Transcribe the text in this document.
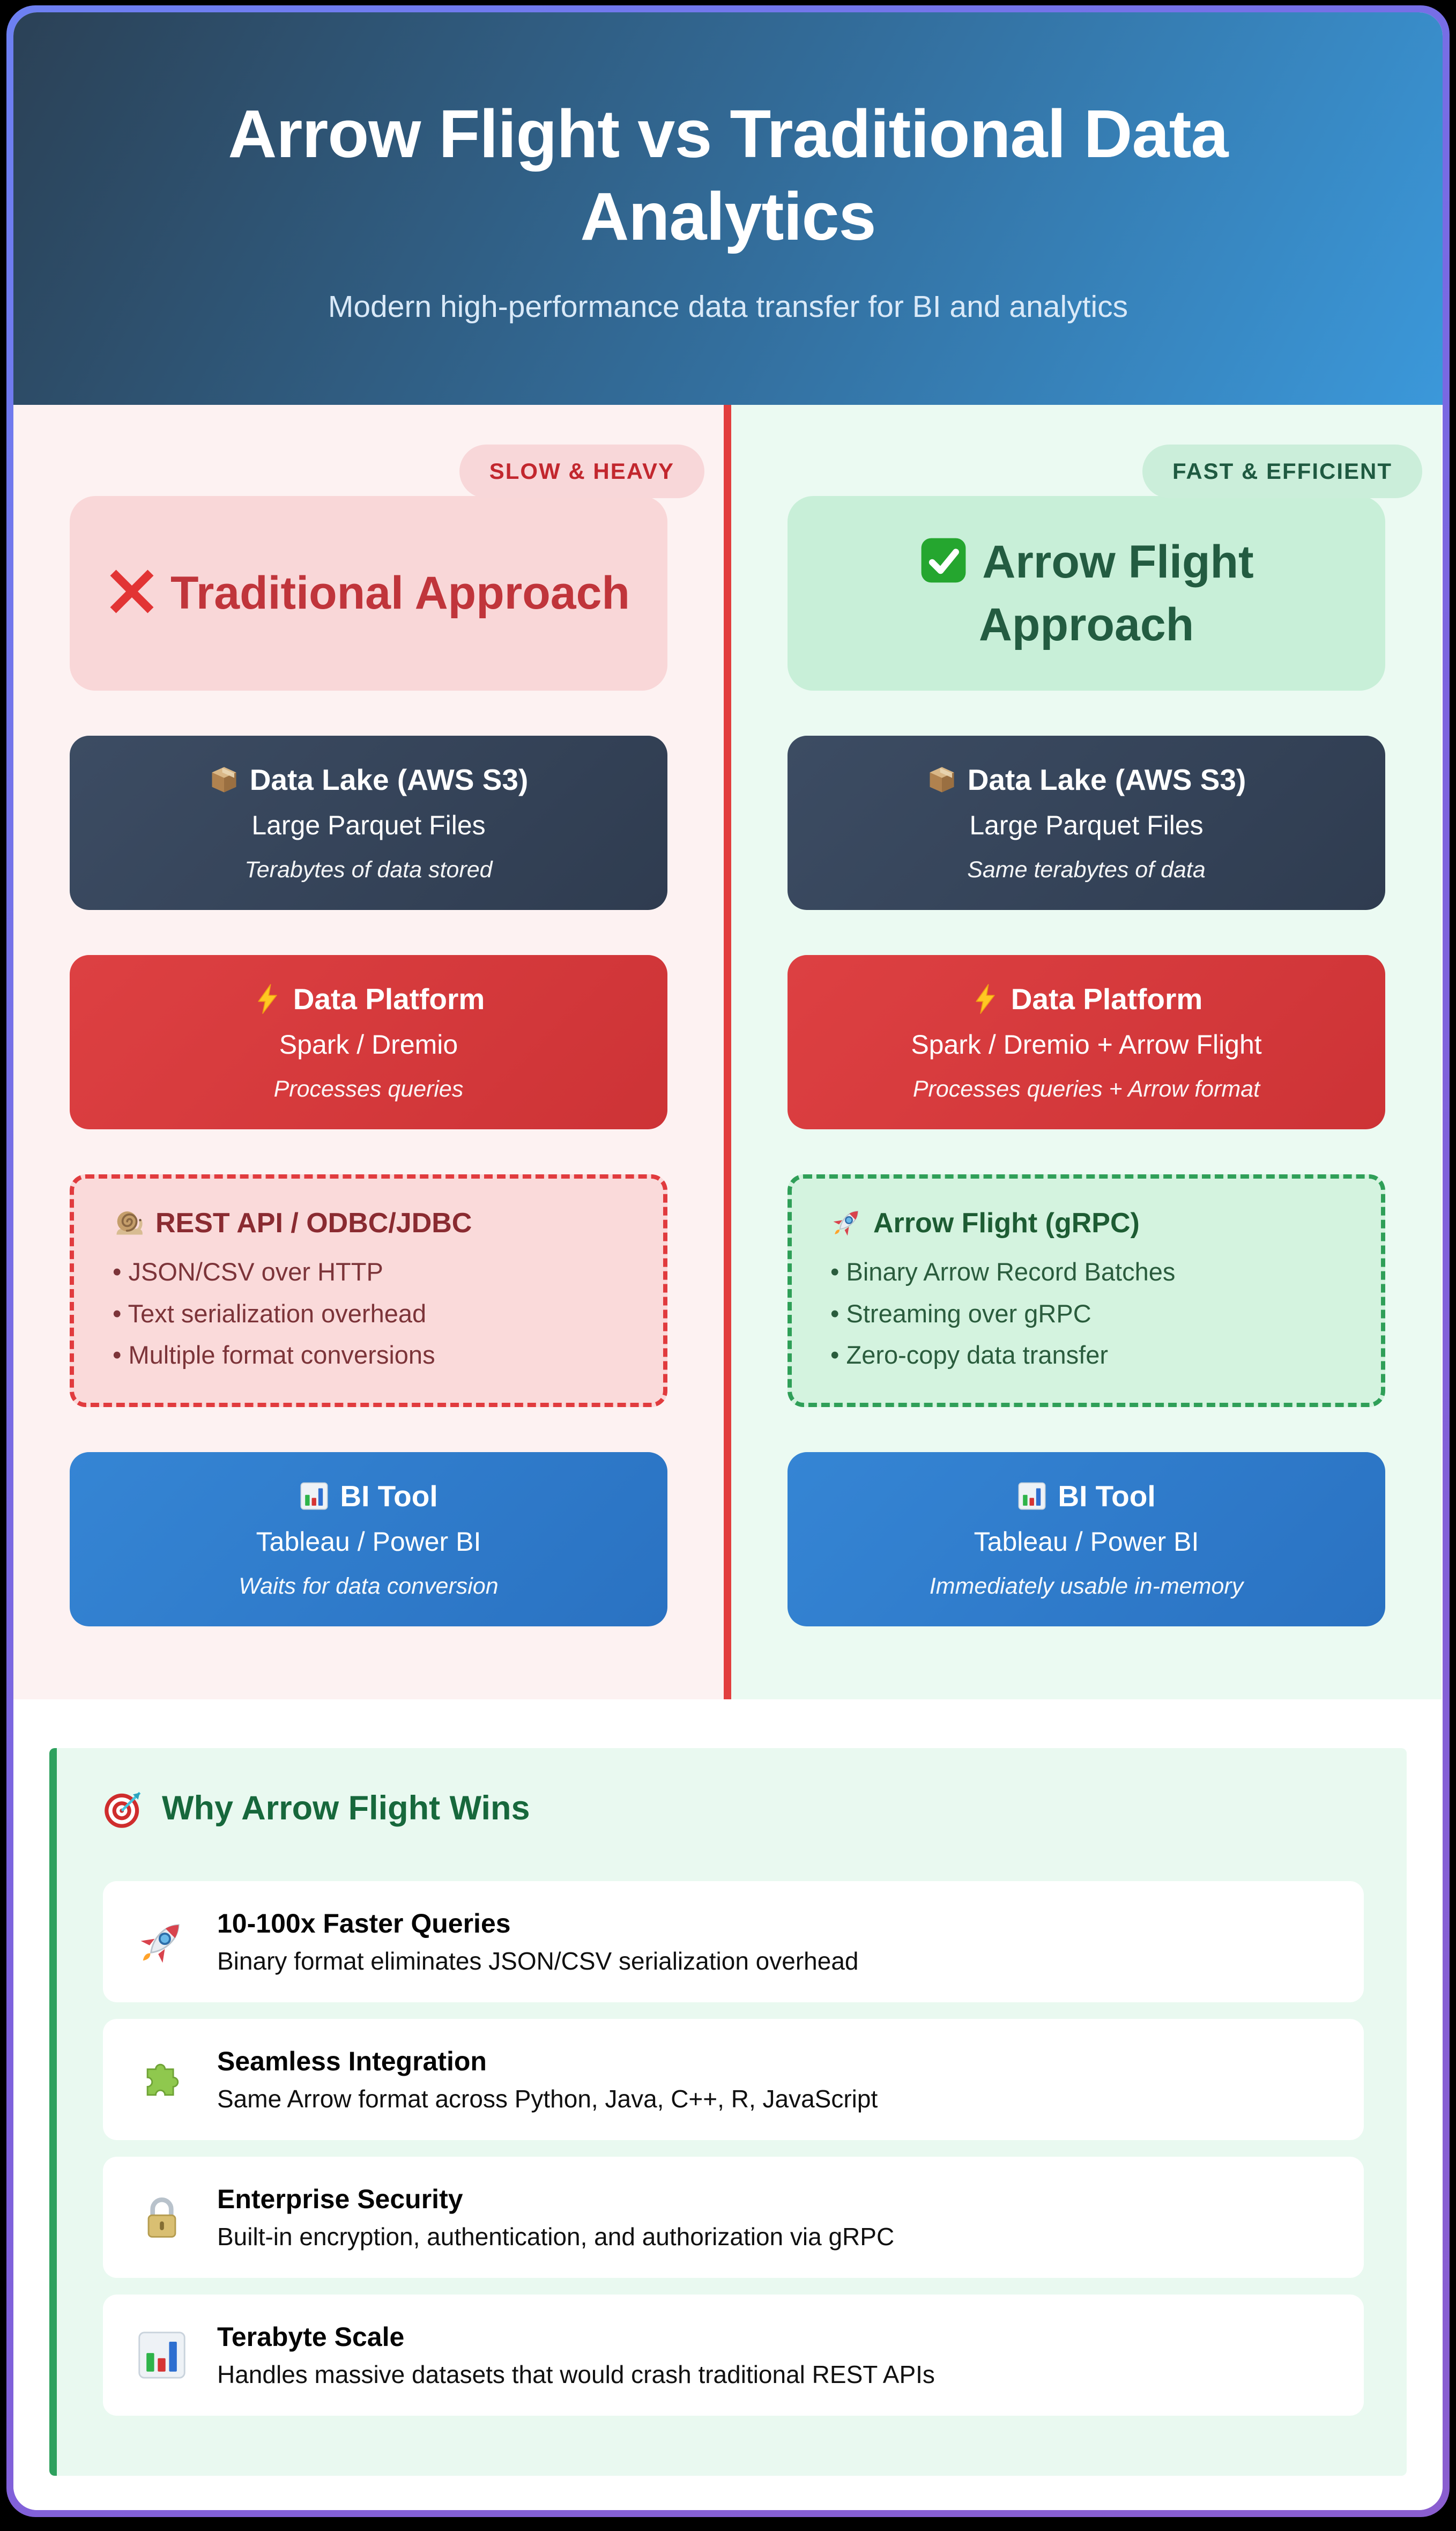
Arrow Flight vs Traditional Data
Analytics

Modern high-performance data transfer for BI and analytics

SLOW & HEAVY
Traditional Approach
Data Lake (AWS S3)
Large Parquet Files
Terabytes of data stored
Data Platform
Spark / Dremio
Processes queries
REST API / ODBC/JDBC
• JSON/CSV over HTTP
• Text serialization overhead
• Multiple format conversions
BI Tool
Tableau / Power BI
Waits for data conversion
FAST & EFFICIENT
Arrow Flight Approach
Data Lake (AWS S3)
Large Parquet Files
Same terabytes of data
Data Platform
Spark / Dremio + Arrow Flight
Processes queries + Arrow format
Arrow Flight (gRPC)
• Binary Arrow Record Batches
• Streaming over gRPC
• Zero-copy data transfer
BI Tool
Tableau / Power BI
Immediately usable in-memory
Why Arrow Flight Wins
10-100x Faster Queries
Binary format eliminates JSON/CSV serialization overhead
Seamless Integration
Same Arrow format across Python, Java, C++, R, JavaScript
Enterprise Security
Built-in encryption, authentication, and authorization via gRPC
Terabyte Scale
Handles massive datasets that would crash traditional REST APIs
